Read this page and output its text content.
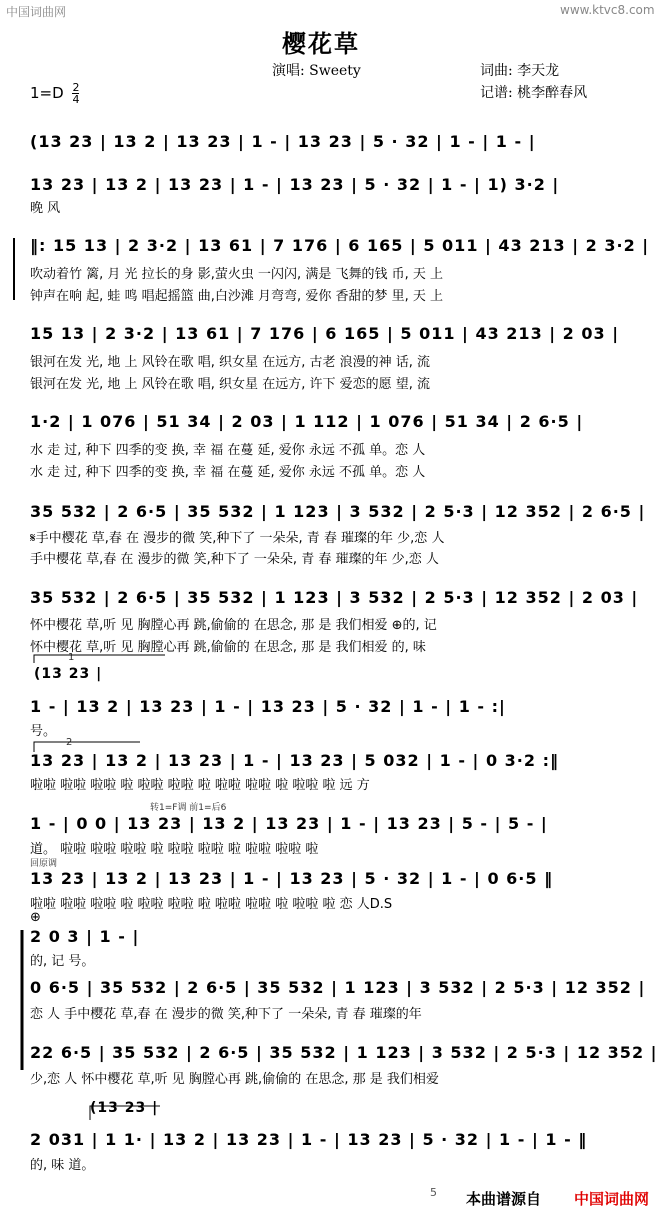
中国词曲网	www.ktvc8.com
樱花草
演唱: Sweety	词曲: 李天龙
记谱: 桃李醉春风
$1=D \frac{2}{4}$
(13 23 | 13 2 | 13 23 | 1 - | 13 23 | 5 · 32 | 1 - | 1 - |
13 23 | 13 2 | 13 23 | 1 - | 13 23 | 5 · 32 | 1 - | 1) 3·2 |
晚 风
‖: 15 13 | 2 3·2 | 13 61 | 7 176 | 6 165 | 5 011 | 43 213 | 2 3·2 |
吹动着竹 篱, 月 光 拉长的身 影,萤火虫 一闪闪, 满是 飞舞的钱 币, 天 上
钟声在响 起, 蛙 鸣 唱起摇篮 曲,白沙滩 月弯弯, 爱你 香甜的梦 里, 天 上
15 13 | 2 3·2 | 13 61 | 7 176 | 6 165 | 5 011 | 43 213 | 2 03 |
银河在发 光, 地 上 风铃在歌 唱, 织女星 在远方, 古老 浪漫的神 话, 流
银河在发 光, 地 上 风铃在歌 唱, 织女星 在远方, 许下 爱恋的愿 望, 流
1·2 | 1 076 | 51 34 | 2 03 | 1 112 | 1 076 | 51 34 | 2 6·5 |
水 走 过, 种下 四季的变 换, 幸 福 在蔓 延, 爱你 永远 不孤 单。恋 人
水 走 过, 种下 四季的变 换, 幸 福 在蔓 延, 爱你 永远 不孤 单。恋 人
35 532 | 2 6·5 | 35 532 | 1 123 | 3 532 | 2 5·3 | 12 352 | 2 6·5 |
𝄋手中樱花 草,春 在 漫步的微 笑,种下了 一朵朵, 青 春 璀璨的年 少,恋 人
手中樱花 草,春 在 漫步的微 笑,种下了 一朵朵, 青 春 璀璨的年 少,恋 人
35 532 | 2 6·5 | 35 532 | 1 123 | 3 532 | 2 5·3 | 12 352 | 2 03 |
怀中樱花 草,听 见 胸膛心再 跳,偷偷的 在思念, 那 是 我们相爱 ⊕的, 记
怀中樱花 草,听 见 胸膛心再 跳,偷偷的 在思念, 那 是 我们相爱 的, 味
1
(13 23 |
1 - | 13 2 | 13 23 | 1 - | 13 23 | 5 · 32 | 1 - | 1 - :|
号。
2
13 23 | 13 2 | 13 23 | 1 - | 13 23 | 5 032 | 1 - | 0 3·2 :‖
啦啦 啦啦 啦啦 啦 啦啦 啦啦 啦 啦啦 啦啦 啦 啦啦 啦 远 方
转1=F调 前1=后6
1 - | 0 0 | 13 23 | 13 2 | 13 23 | 1 - | 13 23 | 5 - | 5 - |
道。 啦啦 啦啦 啦啦 啦 啦啦 啦啦 啦 啦啦 啦啦 啦
回原调
13 23 | 13 2 | 13 23 | 1 - | 13 23 | 5 · 32 | 1 - | 0 6·5 ‖
啦啦 啦啦 啦啦 啦 啦啦 啦啦 啦 啦啦 啦啦 啦 啦啦 啦 恋 人D.S
⊕
2 0 3 | 1 - |
的, 记 号。
0 6·5 | 35 532 | 2 6·5 | 35 532 | 1 123 | 3 532 | 2 5·3 | 12 352 |
恋 人 手中樱花 草,春 在 漫步的微 笑,种下了 一朵朵, 青 春 璀璨的年
22 6·5 | 35 532 | 2 6·5 | 35 532 | 1 123 | 3 532 | 2 5·3 | 12 352 |
少,恋 人 怀中樱花 草,听 见 胸膛心再 跳,偷偷的 在思念, 那 是 我们相爱
(13 23 |
2 031 | 1 1· | 13 2 | 13 23 | 1 - | 13 23 | 5 · 32 | 1 - | 1 - ‖
的, 味 道。
5 本曲谱源自 中国词曲网
